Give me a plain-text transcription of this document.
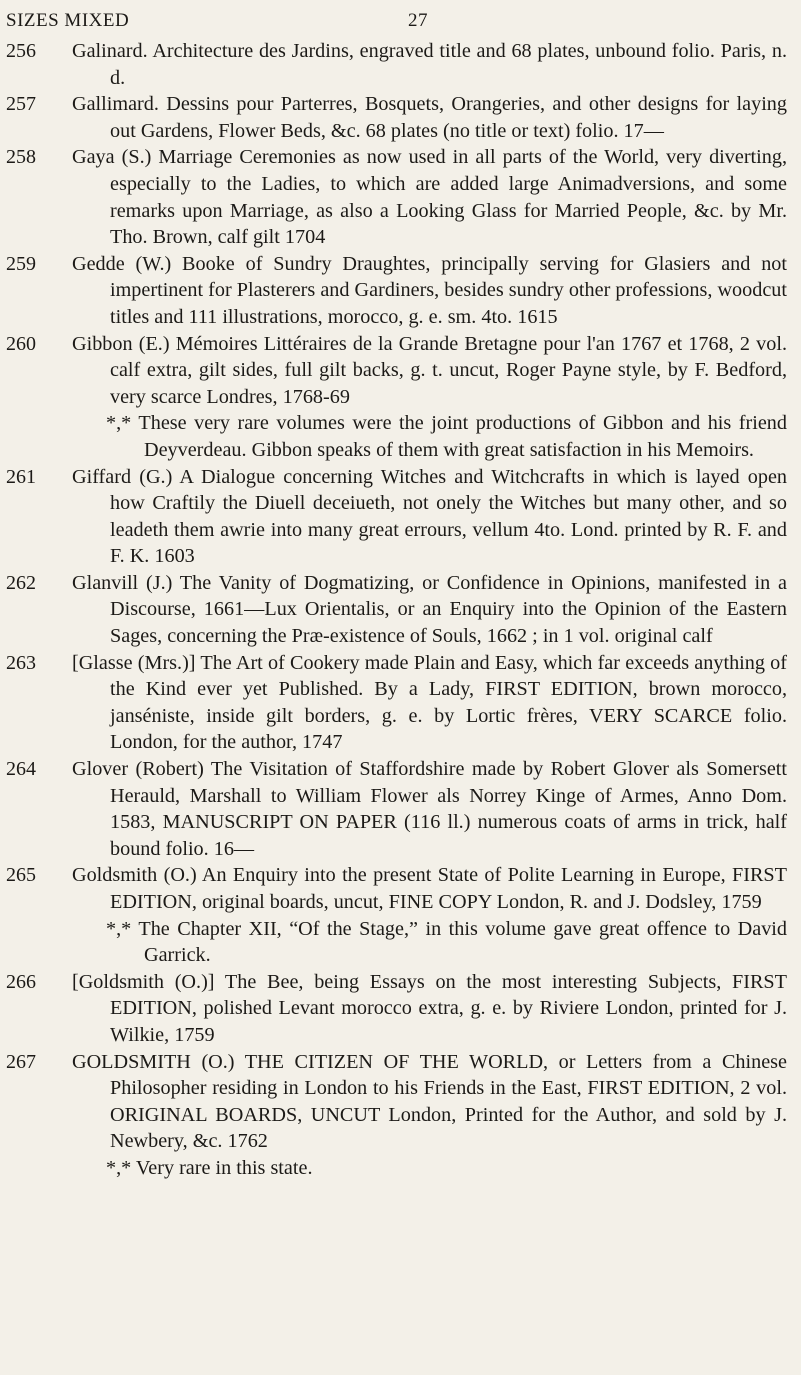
SIZES MIXED	27
256	Galinard. Architecture des Jardins, engraved title and 68 plates, unbound folio. Paris, n. d.
257	Gallimard. Dessins pour Parterres, Bosquets, Orangeries, and other designs for laying out Gardens, Flower Beds, &c. 68 plates (no title or text) folio. 17—
258	Gaya (S.) Marriage Ceremonies as now used in all parts of the World, very diverting, especially to the Ladies, to which are added large Animadversions, and some remarks upon Marriage, as also a Looking Glass for Married People, &c. by Mr. Tho. Brown, calf gilt 1704
259	Gedde (W.) Booke of Sundry Draughtes, principally serving for Glasiers and not impertinent for Plasterers and Gardiners, besides sundry other professions, woodcut titles and 111 illustrations, morocco, g. e. sm. 4to. 1615
260	Gibbon (E.) Mémoires Littéraires de la Grande Bretagne pour l'an 1767 et 1768, 2 vol. calf extra, gilt sides, full gilt backs, g. t. uncut, Roger Payne style, by F. Bedford, very scarce Londres, 1768-69
*,* These very rare volumes were the joint productions of Gibbon and his friend Deyverdeau. Gibbon speaks of them with great satisfaction in his Memoirs.
261	Giffard (G.) A Dialogue concerning Witches and Witchcrafts in which is layed open how Craftily the Diuell deceiueth, not onely the Witches but many other, and so leadeth them awrie into many great errours, vellum 4to. Lond. printed by R. F. and F. K. 1603
262	Glanvill (J.) The Vanity of Dogmatizing, or Confidence in Opinions, manifested in a Discourse, 1661—Lux Orientalis, or an Enquiry into the Opinion of the Eastern Sages, concerning the Præ-existence of Souls, 1662 ; in 1 vol. original calf
263	[Glasse (Mrs.)] The Art of Cookery made Plain and Easy, which far exceeds anything of the Kind ever yet Published. By a Lady, FIRST EDITION, brown morocco, janséniste, inside gilt borders, g. e. by Lortic frères, VERY SCARCE folio. London, for the author, 1747
264	Glover (Robert) The Visitation of Staffordshire made by Robert Glover als Somersett Herauld, Marshall to William Flower als Norrey Kinge of Armes, Anno Dom. 1583, MANUSCRIPT ON PAPER (116 ll.) numerous coats of arms in trick, half bound folio. 16—
265	Goldsmith (O.) An Enquiry into the present State of Polite Learning in Europe, FIRST EDITION, original boards, uncut, FINE COPY London, R. and J. Dodsley, 1759
*,* The Chapter XII, “Of the Stage,” in this volume gave great offence to David Garrick.
266	[Goldsmith (O.)] The Bee, being Essays on the most interesting Subjects, FIRST EDITION, polished Levant morocco extra, g. e. by Riviere London, printed for J. Wilkie, 1759
267	GOLDSMITH (O.) THE CITIZEN OF THE WORLD, or Letters from a Chinese Philosopher residing in London to his Friends in the East, FIRST EDITION, 2 vol. ORIGINAL BOARDS, UNCUT London, Printed for the Author, and sold by J. Newbery, &c. 1762
*,* Very rare in this state.
